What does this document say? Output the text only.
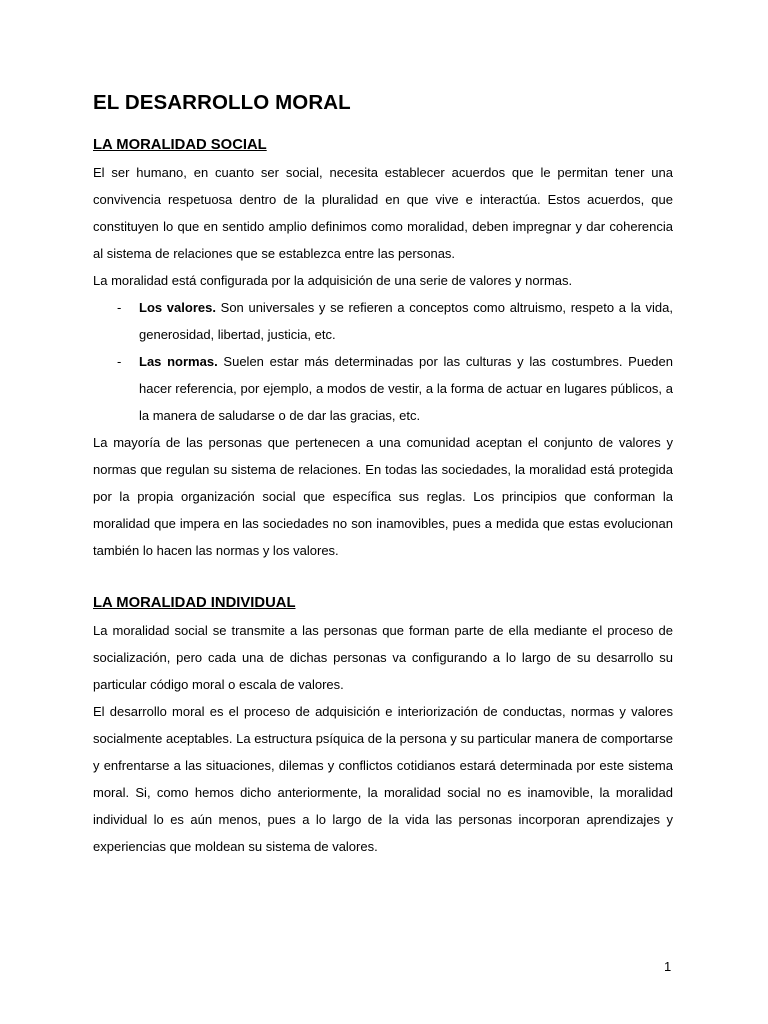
EL DESARROLLO MORAL
LA MORALIDAD SOCIAL

El ser humano, en cuanto ser social, necesita establecer acuerdos que le permitan tener una convivencia respetuosa dentro de la pluralidad en que vive e interactúa. Estos acuerdos, que constituyen lo que en sentido amplio definimos como moralidad, deben impregnar y dar coherencia al sistema de relaciones que se establezca entre las personas.

La moralidad está configurada por la adquisición de una serie de valores y normas.

- Los valores. Son universales y se refieren a conceptos como altruismo, respeto a la vida, generosidad, libertad, justicia, etc.
- Las normas. Suelen estar más determinadas por las culturas y las costumbres. Pueden hacer referencia, por ejemplo, a modos de vestir, a la forma de actuar en lugares públicos, a la manera de saludarse o de dar las gracias, etc.

La mayoría de las personas que pertenecen a una comunidad aceptan el conjunto de valores y normas que regulan su sistema de relaciones. En todas las sociedades, la moralidad está protegida por la propia organización social que específica sus reglas. Los principios que conforman la moralidad que impera en las sociedades no son inamovibles, pues a medida que estas evolucionan también lo hacen las normas y los valores.

LA MORALIDAD INDIVIDUAL

La moralidad social se transmite a las personas que forman parte de ella mediante el proceso de socialización, pero cada una de dichas personas va configurando a lo largo de su desarrollo su particular código moral o escala de valores.

El desarrollo moral es el proceso de adquisición e interiorización de conductas, normas y valores socialmente aceptables. La estructura psíquica de la persona y su particular manera de comportarse y enfrentarse a las situaciones, dilemas y conflictos cotidianos estará determinada por este sistema moral. Si, como hemos dicho anteriormente, la moralidad social no es inamovible, la moralidad individual lo es aún menos, pues a lo largo de la vida las personas incorporan aprendizajes y experiencias que moldean su sistema de valores.

1
